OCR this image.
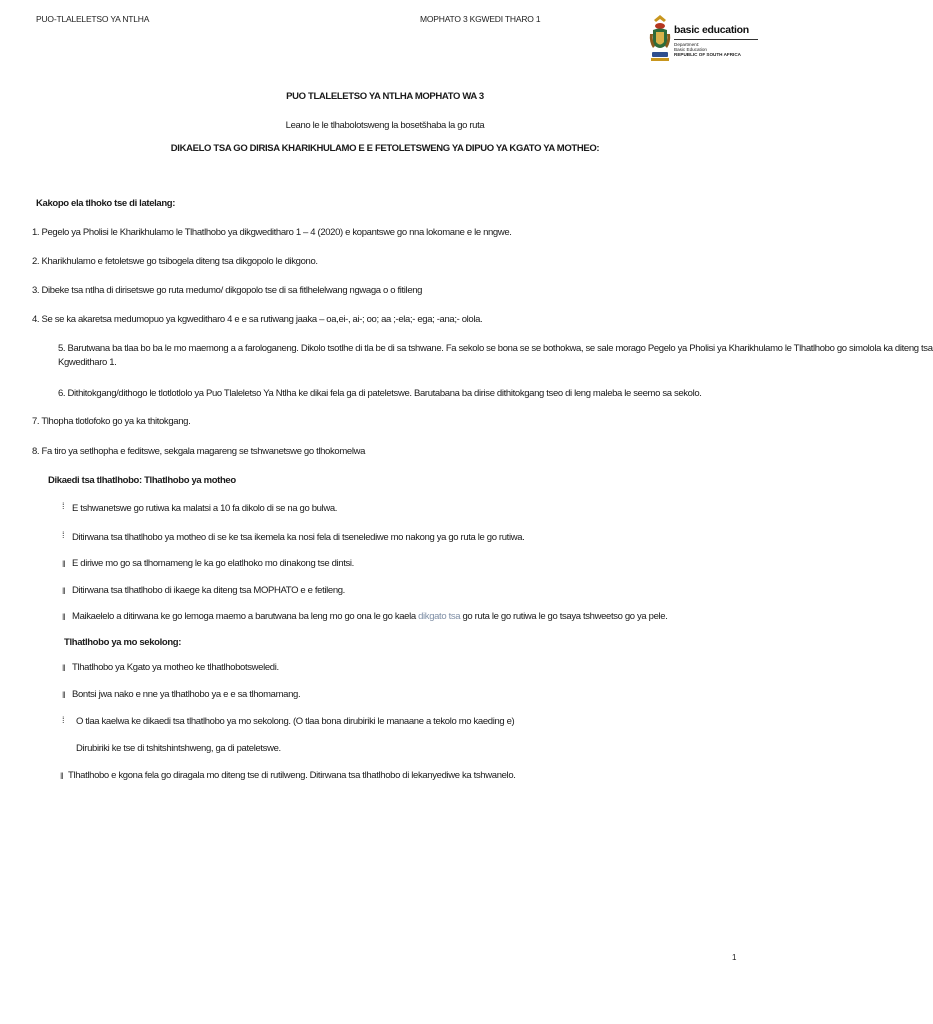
PUO-TLALELETSO YA NTLHA	MOPHATO 3 KGWEDI THARO 1
basic education
Department:
Basic Education
REPUBLIC OF SOUTH AFRICA
PUO TLALELETSO YA NTLHA MOPHATO WA 3
Leano le le tlhabolotsweng la bosetšhaba la go ruta
DIKAELO TSA GO DIRISA KHARIKHULAMO E E FETOLETSWENG YA DIPUO YA KGATO YA MOTHEO:
Kakopo ela tlhoko tse di latelang:
1. Pegelo ya Pholisi le Kharikhulamo le Tlhatlhobo ya dikgweditharo 1 – 4 (2020) e kopantswe go nna lokomane e le nngwe.
2. Kharikhulamo e fetoletswe go tsibogela diteng tsa dikgopolo le dikgono.
3. Dibeke tsa ntlha di dirisetswe go ruta medumo/ dikgopolo tse di sa fitlhelelwang ngwaga o o fitileng
4. Se se ka akaretsa medumopuo ya kgweditharo 4 e e sa rutiwang jaaka – oa,ei-, ai-; oo; aa ;-ela;- ega; -ana;- olola.
5. Barutwana ba tlaa bo ba le mo maemong a a farologaneng. Dikolo tsotlhe di tla be di sa tshwane. Fa sekolo se bona se se bothokwa, se sale morago Pegelo ya Pholisi ya Kharikhulamo le Tlhatlhobo go simolola ka diteng tsa
Kgweditharo 1.
6. Dithitokgang/dithogo le tlotlotlolo ya Puo Tlaleletso Ya Ntlha ke dikai fela ga di pateletswe. Barutabana ba dirise dithitokgang tseo di leng maleba le seemo sa sekolo.
7. Tlhopha tlotlofoko go ya ka thitokgang.
8. Fa tiro ya setlhopha e feditswe, sekgala magareng se tshwanetswe go tlhokomelwa
Dikaedi tsa tlhatlhobo: Tlhatlhobo ya motheo
⁞ E tshwanetswe go rutiwa ka malatsi a 10 fa dikolo di se na go bulwa.
⁞ Ditirwana tsa tlhatlhobo ya motheo di se ke tsa ikemela ka nosi fela di tsenelediwe mo nakong ya go ruta le go rutiwa.
‖ E diriwe mo go sa tlhomameng le ka go elatlhoko mo dinakong tse dintsi.
‖ Ditirwana tsa tlhatlhobo di ikaege ka diteng tsa MOPHATO e e fetileng.
‖ Maikaelelo a ditirwana ke go lemoga maemo a barutwana ba leng mo go ona le go kaela dikgato tsa go ruta le go rutiwa le go tsaya tshweetso go ya pele.
Tlhatlhobo ya mo sekolong:
‖ Tlhatlhobo ya Kgato ya motheo ke tlhatlhobotsweledi.
‖ Bontsi jwa nako e nne ya tlhatlhobo ya e e sa tlhomamang.
⁞ O tlaa kaelwa ke dikaedi tsa tlhatlhobo ya mo sekolong. (O tlaa bona dirubiriki le manaane a tekolo mo kaeding e)
Dirubiriki ke tse di tshitshintshweng, ga di pateletswe.
‖ Tlhatlhobo e kgona fela go diragala mo diteng tse di rutilweng. Ditirwana tsa tlhatlhobo di lekanyediwe ka tshwanelo.
1
